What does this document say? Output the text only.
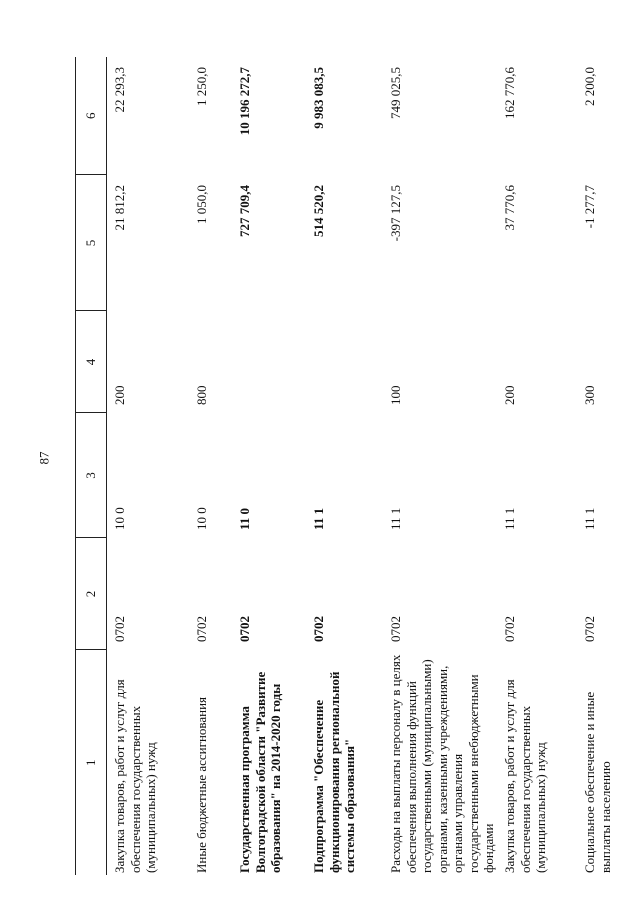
87
1	2	3	4	5	6
Закупка товаров, работ и услуг для обеспечения государственных (муниципальных) нужд	0702	10 0	200	21 812,2	22 293,3
Иные бюджетные ассигнования	0702	10 0	800	1 050,0	1 250,0
Государственная программа Волгоградской области "Развитие образования" на 2014-2020 годы	0702	11 0		727 709,4	10 196 272,7
Подпрограмма "Обеспечение функционирования региональной системы образования"	0702	11 1		514 520,2	9 983 083,5
Расходы на выплаты персоналу в целях обеспечения выполнения функций государственными (муниципальными) органами, казенными учреждениями, органами управления государственными внебюджетными фондами	0702	11 1	100	-397 127,5	749 025,5
Закупка товаров, работ и услуг для обеспечения государственных (муниципальных) нужд	0702	11 1	200	37 770,6	162 770,6
Социальное обеспечение и иные выплаты населению	0702	11 1	300	-1 277,7	2 200,0
